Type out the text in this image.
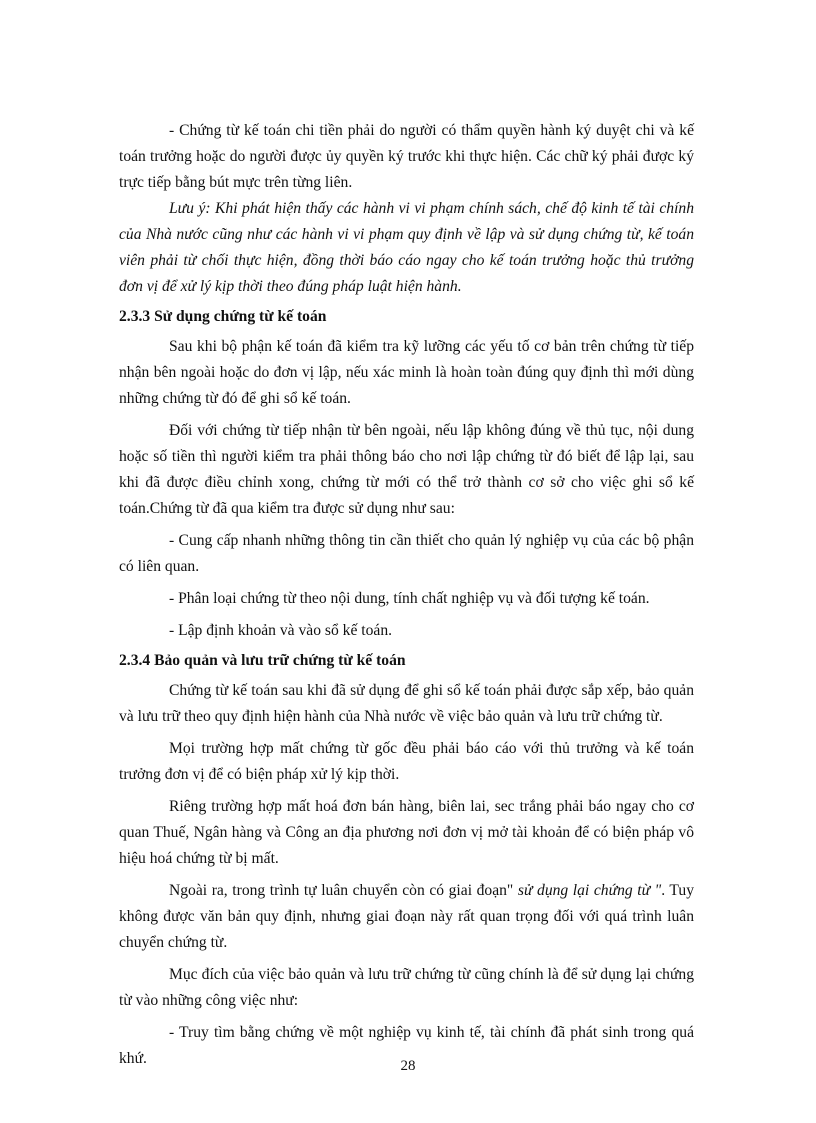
- Chứng từ kế toán chi tiền phải do người có thẩm quyền hành ký duyệt chi và kế toán trưởng hoặc do người được ủy quyền ký trước khi thực hiện. Các chữ ký phải được ký trực tiếp bằng bút mực trên từng liên.

Lưu ý: Khi phát hiện thấy các hành vi vi phạm chính sách, chế độ kinh tế tài chính của Nhà nước cũng như các hành vi vi phạm quy định về lập và sử dụng chứng từ, kế toán viên phải từ chối thực hiện, đồng thời báo cáo ngay cho kế toán trưởng hoặc thủ trưởng đơn vị để xử lý kịp thời theo đúng pháp luật hiện hành.

2.3.3 Sử dụng chứng từ kế toán

Sau khi bộ phận kế toán đã kiểm tra kỹ lưỡng các yếu tố cơ bản trên chứng từ tiếp nhận bên ngoài hoặc do đơn vị lập, nếu xác minh là hoàn toàn đúng quy định thì mới dùng những chứng từ đó để ghi sổ kế toán.

Đối với chứng từ tiếp nhận từ bên ngoài, nếu lập không đúng về thủ tục, nội dung hoặc số tiền thì người kiểm tra phải thông báo cho nơi lập chứng từ đó biết để lập lại, sau khi đã được điều chỉnh xong, chứng từ mới có thể trở thành cơ sở cho việc ghi sổ kế toán.Chứng từ đã qua kiểm tra được sử dụng như sau:

- Cung cấp nhanh những thông tin cần thiết cho quản lý nghiệp vụ của các bộ phận có liên quan.

- Phân loại chứng từ theo nội dung, tính chất nghiệp vụ và đối tượng kế toán.

- Lập định khoản và vào sổ kế toán.

2.3.4 Bảo quản và lưu trữ chứng từ kế toán

Chứng từ kế toán sau khi đã sử dụng để ghi sổ kế toán phải được sắp xếp, bảo quản và lưu trữ theo quy định hiện hành của Nhà nước về việc bảo quản và lưu trữ chứng từ.

Mọi trường hợp mất chứng từ gốc đều phải báo cáo với thủ trưởng và kế toán trưởng đơn vị để có biện pháp xử lý kịp thời.

Riêng trường hợp mất hoá đơn bán hàng, biên lai, sec trắng phải báo ngay cho cơ quan Thuế, Ngân hàng và Công an địa phương nơi đơn vị mở tài khoản để có biện pháp vô hiệu hoá chứng từ bị mất.

Ngoài ra, trong trình tự luân chuyển còn có giai đoạn" sử dụng lại chứng từ ". Tuy không được văn bản quy định, nhưng giai đoạn này rất quan trọng đối với quá trình luân chuyển chứng từ.

Mục đích của việc bảo quản và lưu trữ chứng từ cũng chính là để sử dụng lại chứng từ vào những công việc như:

- Truy tìm bằng chứng về một nghiệp vụ kinh tế, tài chính đã phát sinh trong quá khứ.	28
